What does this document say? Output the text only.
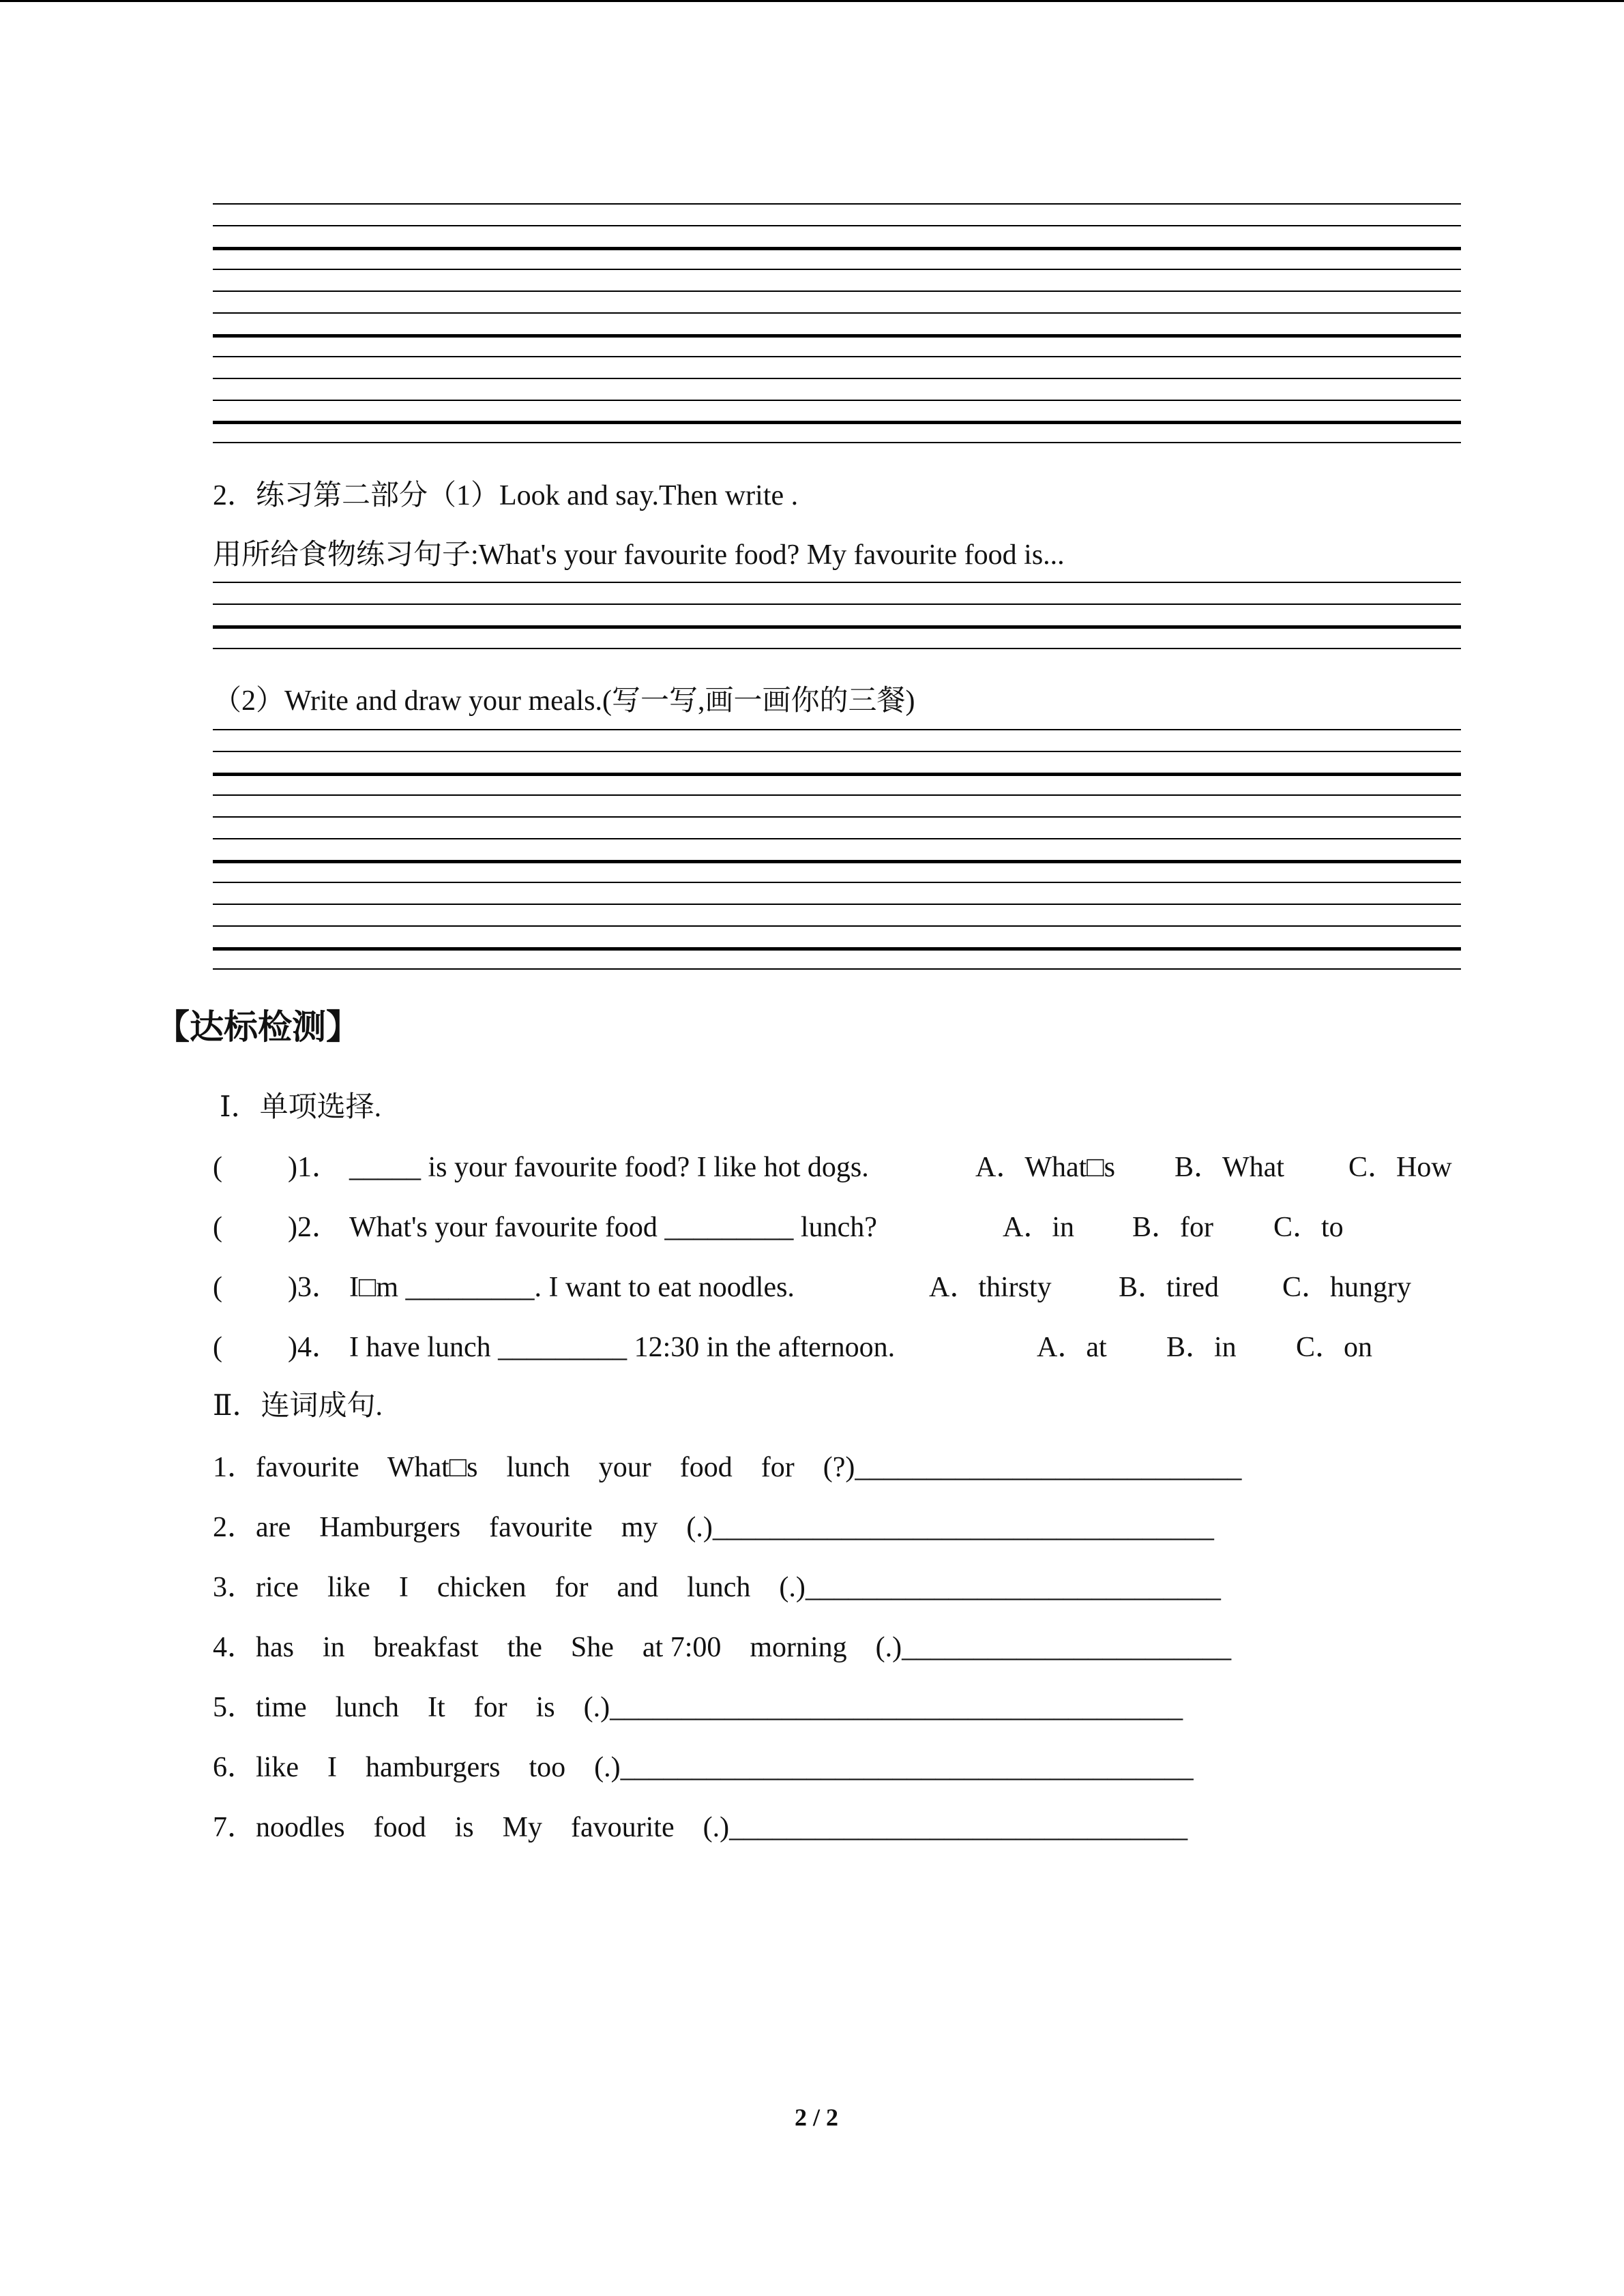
2．练习第二部分（1）Look and say.Then write .
用所给食物练习句子:What's your favourite food? My favourite food is...
（2）Write and draw your meals.(写一写,画一画你的三餐)
【达标检测】
Ⅰ．单项选择.
( )1． _____ is your favourite food? I like hot dogs.	A．What□s B．What C．How
( )2． What's your favourite food _________ lunch?	A．in B．for C．to
( )3． I□m _________. I want to eat noodles.	A．thirsty B．tired C．hungry
( )4． I have lunch _________ 12:30 in the afternoon.	A．at B．in C．on
Ⅱ．连词成句.
1．favourite    What□s    lunch    your    food    for    (?)___________________________
2．are    Hamburgers    favourite    my    (.)___________________________________
3．rice    like    I    chicken    for    and    lunch    (.)_____________________________
4．has    in    breakfast    the    She    at 7:00    morning    (.)_______________________
5．time    lunch    It    for    is    (.)________________________________________
6．like    I    hamburgers    too    (.)________________________________________
7．noodles    food    is    My    favourite    (.)________________________________
2 / 2
